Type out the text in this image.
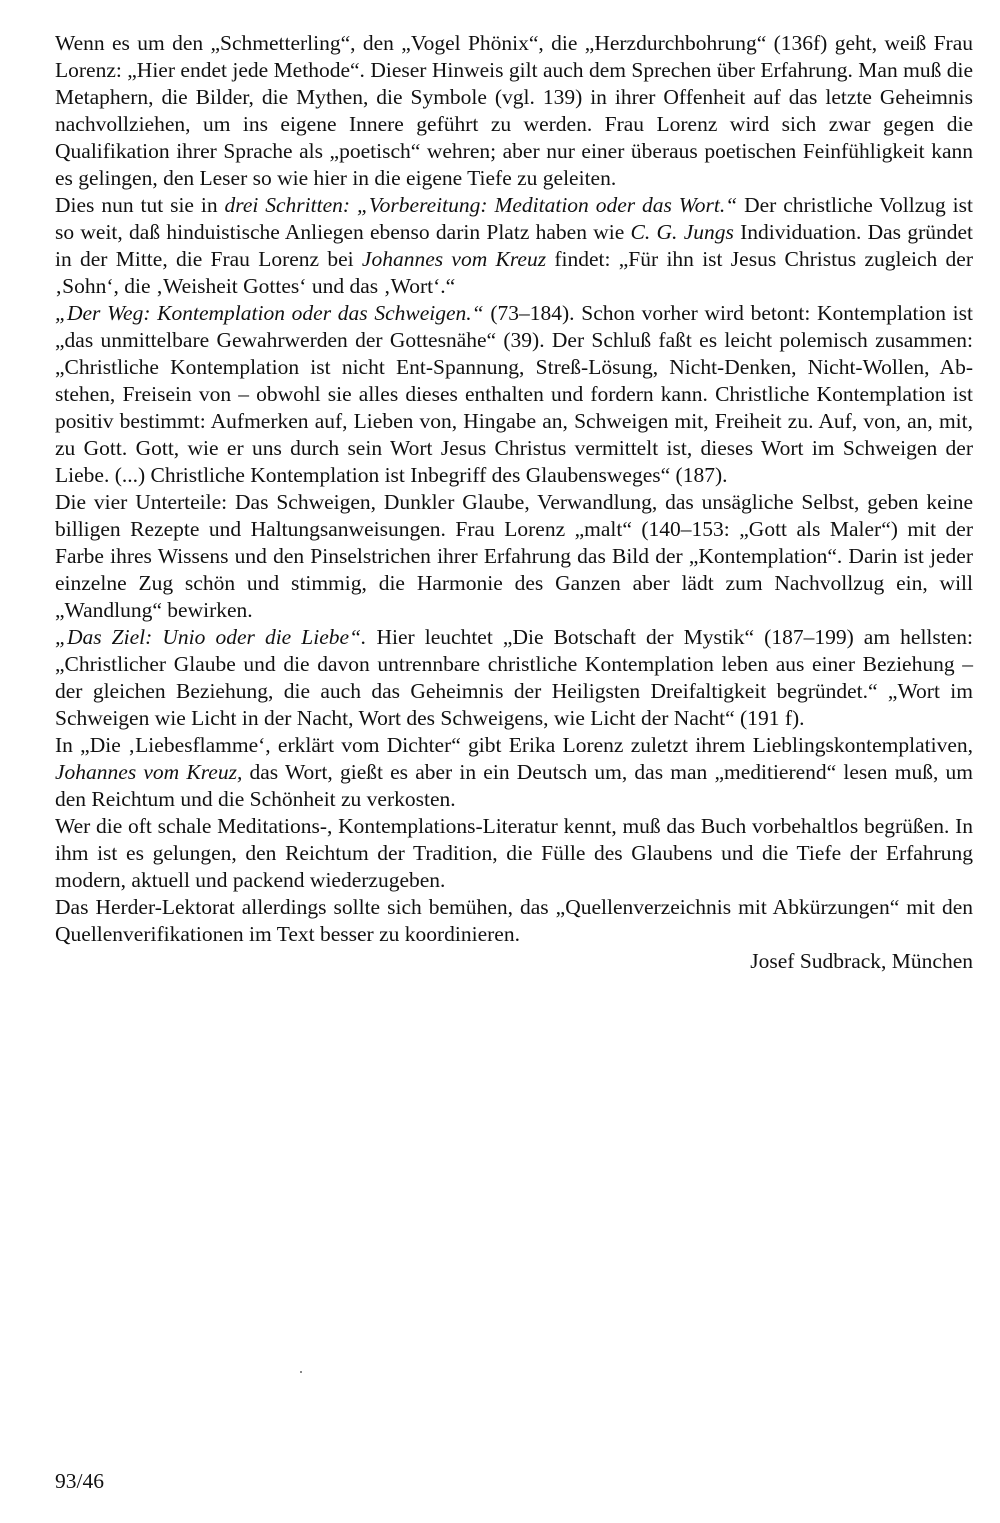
Wenn es um den „Schmetterling“, den „Vogel Phönix“, die „Herzdurchbohrung“ (136f) geht, weiß Frau Lorenz: „Hier endet jede Methode“. Dieser Hinweis gilt auch dem Sprechen über Erfahrung. Man muß die Metaphern, die Bilder, die Mythen, die Symbole (vgl. 139) in ihrer Offenheit auf das letzte Geheimnis nachvollziehen, um ins eigene Innere geführt zu werden. Frau Lorenz wird sich zwar gegen die Qualifikation ihrer Sprache als „poetisch“ wehren; aber nur einer überaus poetischen Feinfühligkeit kann es gelingen, den Leser so wie hier in die eigene Tiefe zu geleiten.

Dies nun tut sie in drei Schritten: „Vorbereitung: Meditation oder das Wort.“ Der christliche Vollzug ist so weit, daß hinduistische Anliegen ebenso darin Platz haben wie C. G. Jungs Individuation. Das gründet in der Mitte, die Frau Lorenz bei Johannes vom Kreuz findet: „Für ihn ist Jesus Christus zugleich der ‚Sohn‘, die ‚Weisheit Gottes‘ und das ‚Wort‘.“

„Der Weg: Kontemplation oder das Schweigen.“ (73–184). Schon vorher wird betont: Kontemplation ist „das unmittelbare Gewahrwerden der Gottesnähe“ (39). Der Schluß faßt es leicht polemisch zusammen: „Christliche Kontemplation ist nicht Ent-Spannung, Streß-Lösung, Nicht-Denken, Nicht-Wollen, Ab-stehen, Freisein von – obwohl sie alles dieses enthalten und fordern kann. Christliche Kontemplation ist positiv bestimmt: Aufmerken auf, Lieben von, Hingabe an, Schweigen mit, Freiheit zu. Auf, von, an, mit, zu Gott. Gott, wie er uns durch sein Wort Jesus Christus vermittelt ist, dieses Wort im Schweigen der Liebe. (...) Christliche Kontemplation ist Inbegriff des Glaubensweges“ (187).

Die vier Unterteile: Das Schweigen, Dunkler Glaube, Verwandlung, das unsägliche Selbst, geben keine billigen Rezepte und Haltungsanweisungen. Frau Lorenz „malt“ (140–153: „Gott als Maler“) mit der Farbe ihres Wissens und den Pinselstrichen ihrer Erfahrung das Bild der „Kontemplation“. Darin ist jeder einzelne Zug schön und stimmig, die Harmonie des Ganzen aber lädt zum Nachvollzug ein, will „Wandlung“ bewirken.

„Das Ziel: Unio oder die Liebe“. Hier leuchtet „Die Botschaft der Mystik“ (187–199) am hellsten: „Christlicher Glaube und die davon untrennbare christliche Kontemplation leben aus einer Beziehung – der gleichen Beziehung, die auch das Geheimnis der Heiligsten Dreifaltigkeit begründet.“ „Wort im Schweigen wie Licht in der Nacht, Wort des Schweigens, wie Licht der Nacht“ (191 f).

In „Die ‚Liebesflamme‘, erklärt vom Dichter“ gibt Erika Lorenz zuletzt ihrem Lieblingskontemplativen, Johannes vom Kreuz, das Wort, gießt es aber in ein Deutsch um, das man „meditierend“ lesen muß, um den Reichtum und die Schönheit zu verkosten.

Wer die oft schale Meditations-, Kontemplations-Literatur kennt, muß das Buch vorbehaltlos begrüßen. In ihm ist es gelungen, den Reichtum der Tradition, die Fülle des Glaubens und die Tiefe der Erfahrung modern, aktuell und packend wiederzugeben.

Das Herder-Lektorat allerdings sollte sich bemühen, das „Quellenverzeichnis mit Abkürzungen“ mit den Quellenverifikationen im Text besser zu koordinieren.

Josef Sudbrack, München

93/46
